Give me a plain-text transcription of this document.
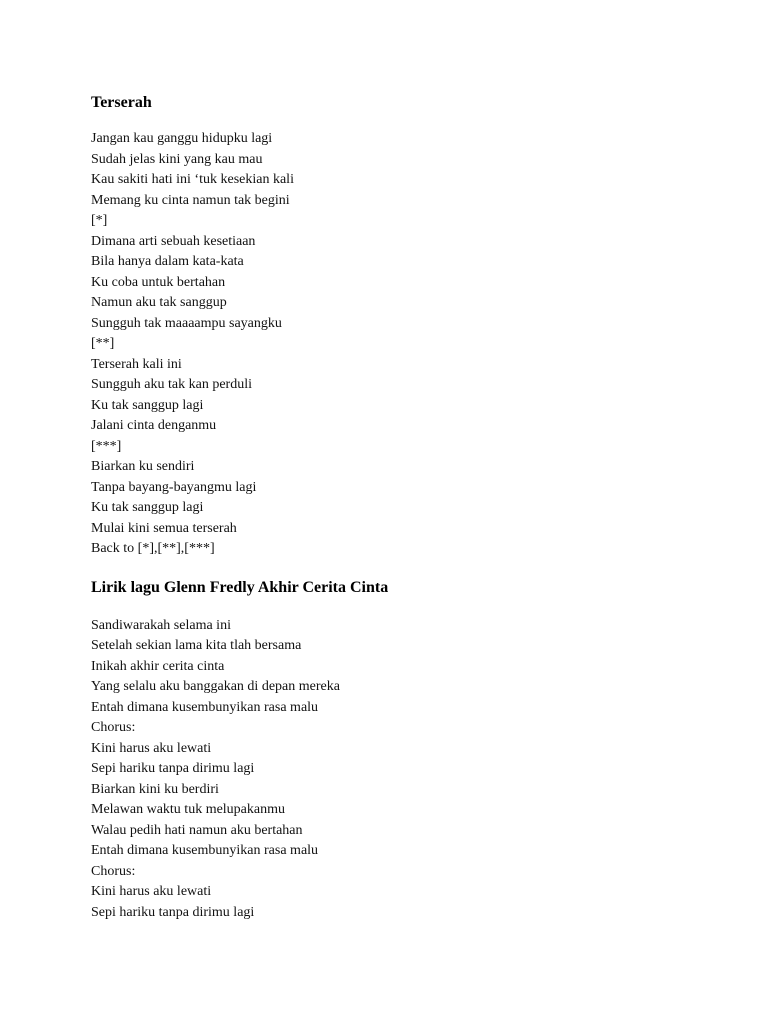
Terserah
Jangan kau ganggu hidupku lagi
Sudah jelas kini yang kau mau
Kau sakiti hati ini ‘tuk kesekian kali
Memang ku cinta namun tak begini
[*]
Dimana arti sebuah kesetiaan
Bila hanya dalam kata-kata
Ku coba untuk bertahan
Namun aku tak sanggup
Sungguh tak maaaampu sayangku
[**]
Terserah kali ini
Sungguh aku tak kan perduli
Ku tak sanggup lagi
Jalani cinta denganmu
[***]
Biarkan ku sendiri
Tanpa bayang-bayangmu lagi
Ku tak sanggup lagi
Mulai kini semua terserah
Back to [*],[**],[***]
Lirik lagu Glenn Fredly Akhir Cerita Cinta
Sandiwarakah selama ini
Setelah sekian lama kita tlah bersama
Inikah akhir cerita cinta
Yang selalu aku banggakan di depan mereka
Entah dimana kusembunyikan rasa malu
Chorus:
Kini harus aku lewati
Sepi hariku tanpa dirimu lagi
Biarkan kini ku berdiri
Melawan waktu tuk melupakanmu
Walau pedih hati namun aku bertahan
Entah dimana kusembunyikan rasa malu
Chorus:
Kini harus aku lewati
Sepi hariku tanpa dirimu lagi
